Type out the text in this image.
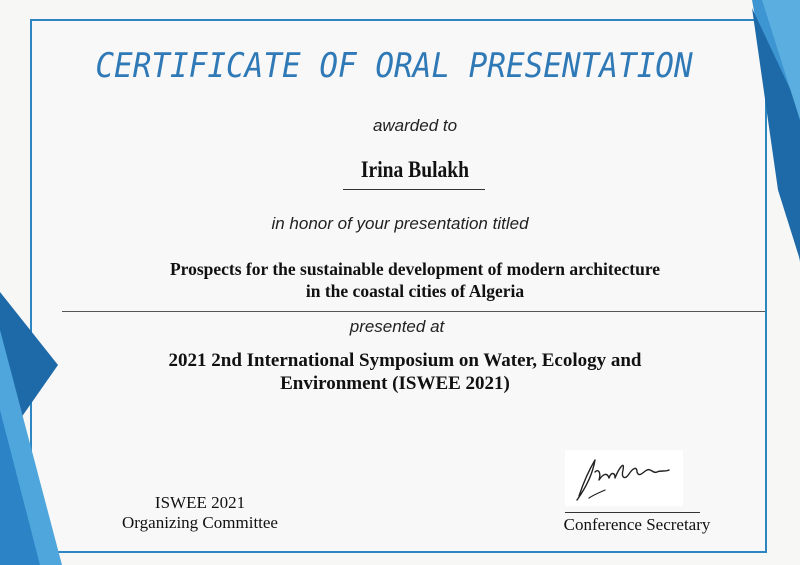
CERTIFICATE OF ORAL PRESENTATION
awarded to
Irina Bulakh
in honor of your presentation titled
Prospects for the sustainable development of modern architecture
in the coastal cities of Algeria
presented at
2021 2nd International Symposium on Water, Ecology and
Environment (ISWEE 2021)
ISWEE 2021
Organizing Committee	Conference Secretary
